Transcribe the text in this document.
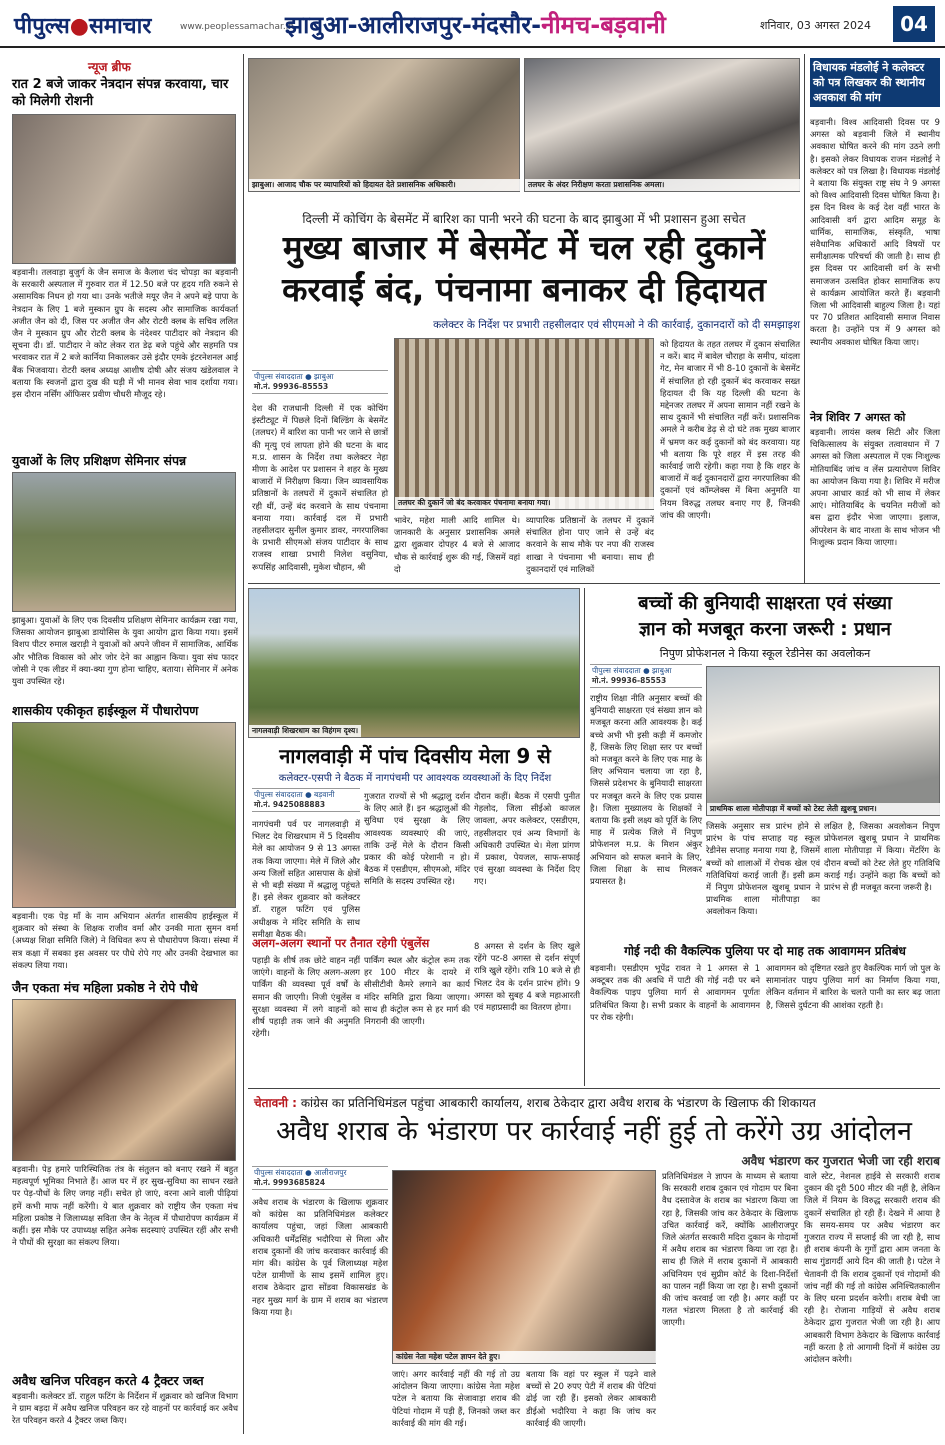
पीपुल्स●समाचार	www.peoplessamachar.in
झाबुआ-आलीराजपुर-मंदसौर-नीमच-बड़वानी	शनिवार, 03 अगस्त 2024	04
न्यूज ब्रीफ
रात 2 बजे जाकर नेत्रदान संपन्न करवाया, चार को मिलेगी रोशनी
बड़वानी। तलवाड़ा बुजुर्ग के जैन समाज के कैलाश चंद चोपड़ा का बड़वानी के सरकारी अस्पताल में गुरुवार रात में 12.50 बजे पर हृदय गति रुकने से असामयिक निधन हो गया था। उनके भतीजे मयूर जैन ने अपने बड़े पापा के नेत्रदान के लिए 1 बजे मुस्कान ग्रुप के सदस्य और सामाजिक कार्यकर्ता अजीत जैन को दी, जिस पर अजीत जैन और रोटरी क्लब के सचिव ललित जैन ने मुस्कान ग्रुप और रोटरी क्लब के नंदेश्वर पाटीदार को नेत्रदान की सूचना दी। डॉ. पाटीदार ने कोट लेकर रात डेढ़ बजे पहुंचे और सहमति पत्र भरवाकर रात में 2 बजे कार्निया निकालकर उसे इंदौर एमके इंटरनेशनल आई बैंक भिजवाया। रोटरी क्लब अध्यक्ष आशीष दोषी और संजय खंडेलवाल ने बताया कि स्वजनों द्वारा दुख की घड़ी में भी मानव सेवा भाव दर्शाया गया। इस दौरान नर्सिंग ऑफिसर प्रवीण चौधरी मौजूद रहे।
युवाओं के लिए प्रशिक्षण सेमिनार संपन्न
झाबुआ। युवाओं के लिए एक दिवसीय प्रशिक्षण सेमिनार कार्यक्रम रखा गया, जिसका आयोजन झाबुआ डायोसिस के युवा आयोग द्वारा किया गया। इसमें विशप पीटर रुमाल खराड़ी ने युवाओं को अपने जीवन में सामाजिक, आर्थिक और भौतिक विकास को ओर जोर देने का आह्वान किया। युवा संघ फादर जोसी ने एक लीडर में क्या-क्या गुण होना चाहिए, बताया। सेमिनार में अनेक युवा उपस्थित रहे।
शासकीय एकीकृत हाईस्कूल में पौधारोपण
बड़वानी। एक पेड़ माँ के नाम अभियान अंतर्गत शासकीय हाईस्कूल में शुक्रवार को संस्था के शिक्षक राजीव वर्मा और उनकी माता सुमन वर्मा (अध्यक्ष शिक्षा समिति जिले) ने विधिवत रूप से पौधारोपण किया। संस्था में सत्र कक्षा में सबका इस अवसर पर पौधे रोपे गए और उनकी देखभाल का संकल्प लिया गया।
जैन एकता मंच महिला प्रकोष्ठ ने रोपे पौधे
बड़वानी। पेड़ हमारे पारिस्थितिक तंत्र के संतुलन को बनाए रखने में बहुत महत्वपूर्ण भूमिका निभाते हैं। आज घर में हर सुख-सुविधा का साधन रखते पर पेड़-पौधों के लिए जगह नहीं। सचेत हो जाएं, वरना आने वाली पीढ़ियां हमें कभी माफ नहीं करेंगी। ये बात शुक्रवार को राष्ट्रीय जैन एकता मंच महिला प्रकोष्ठ ने जिलाध्यक्ष सविता जैन के नेतृत्व में पौधारोपण कार्यक्रम में कहीं। इस मौके पर उपाध्यक्ष सहित अनेक सदस्याएं उपस्थित रहीं और सभी ने पौधों की सुरक्षा का संकल्प लिया।
अवैध खनिज परिवहन करते 4 ट्रैक्टर जब्त
बड़वानी। कलेक्टर डॉ. राहुल फटिंग के निर्देशन में शुक्रवार को खनिज विभाग ने ग्राम बड़दा में अवैध खनिज परिवहन कर रहे वाहनों पर कार्रवाई कर अवैध रेत परिवहन करते 4 ट्रैक्टर जब्त किए।
झाबुआ। आजाद चौक पर व्यापारियों को हिदायत देते प्रशासनिक अधिकारी।	तलघर के अंदर निरीक्षण करता प्रशासनिक अमला।
दिल्ली में कोचिंग के बेसमेंट में बारिश का पानी भरने की घटना के बाद झाबुआ में भी प्रशासन हुआ सचेत
मुख्य बाजार में बेसमेंट में चल रही दुकानें
करवाईं बंद, पंचनामा बनाकर दी हिदायत
कलेक्टर के निर्देश पर प्रभारी तहसीलदार एवं सीएमओ ने की कार्रवाई, दुकानदारों को दी समझाइश
पीपुल्स संवाददाता ● झाबुआ
मो.नं. 99936-85553
देश की राजधानी दिल्ली में एक कोचिंग इंस्टीट्यूट में पिछले दिनों बिल्डिंग के बेसमेंट (तलघर) में बारिश का पानी भर जाने से छात्रों की मृत्यु एवं लापता होने की घटना के बाद म.प्र. शासन के निर्देश तथा कलेक्टर नेहा मीणा के आदेश पर प्रशासन ने शहर के मुख्य बाजारों में निरीक्षण किया। जिन व्यावसायिक प्रतिष्ठानों के तलघरों में दुकानें संचालित हो रही थीं, उन्हें बंद करवाने के साथ पंचनामा बनाया गया। कार्रवाई दल में प्रभारी तहसीलदार सुनील कुमार डावर, नगरपालिका के प्रभारी सीएमओ संजय पाटीदार के साथ राजस्व शाखा प्रभारी निलेश वसुनिया, रूपसिंह आदिवासी, मुकेश चौहान, श्री
तलघर की दुकानें जो बंद करवाकर पंचनामा बनाया गया।
भावेर, महेश माली आदि शामिल थे। जानकारी के अनुसार प्रशासनिक अमले द्वारा शुक्रवार दोपहर 4 बजे से आजाद चौक से कार्रवाई शुरू की गई, जिसमें वहां दो
व्यापारिक प्रतिष्ठानों के तलघर में दुकानें संचालित होना पाए जाने से उन्हें बंद करवाने के साथ मौके पर नपा की राजस्व शाखा ने पंचनामा भी बनाया। साथ ही दुकानदारों एवं मालिकों
को हिदायत के तहत तलघर में दुकान संचालित न करें। बाद में बावेल चौराहा के समीप, थांदला गेट, मेन बाजार में भी 8-10 दुकानों के बेसमेंट में संचालित हो रही दुकानें बंद करवाकर सख्त हिदायत दी कि यह दिल्ली की घटना के मद्देनजर तलघर में अपना सामान नहीं रखने के साथ दुकानें भी संचालित नहीं करें। प्रशासनिक अमले ने करीब डेढ़ से दो घंटे तक मुख्य बाजार में भ्रमण कर कई दुकानों को बंद करवाया। यह भी बताया कि पूरे शहर में इस तरह की कार्रवाई जारी रहेगी। कहा गया है कि शहर के बाजारों में कई दुकानदारों द्वारा नगरपालिका की दुकानों एवं कॉम्प्लेक्स में बिना अनुमति या नियम विरुद्ध तलघर बनाए गए हैं, जिनकी जांच की जाएगी।
विधायक मंडलोई ने कलेक्टर को पत्र लिखकर की स्थानीय अवकाश की मांग
बड़वानी। विश्व आदिवासी दिवस पर 9 अगस्त को बड़वानी जिले में स्थानीय अवकाश घोषित करने की मांग उठने लगी है। इसको लेकर विधायक राजन मंडलोई ने कलेक्टर को पत्र लिखा है। विधायक मंडलोई ने बताया कि संयुक्त राष्ट्र संघ ने 9 अगस्त को विश्व आदिवासी दिवस घोषित किया है। इस दिन विश्व के कई देश वहीं भारत के आदिवासी वर्ग द्वारा आदिम समूह के धार्मिक, सामाजिक, संस्कृति, भाषा संवैधानिक अधिकारों आदि विषयों पर समीक्षात्मक परिचर्चा की जाती है। साथ ही इस दिवस पर आदिवासी वर्ग के सभी समाजजन उत्सवित होकर सामाजिक रूप से कार्यक्रम आयोजित करते हैं। बड़वानी जिला भी आदिवासी बाहुल्य जिला है। यहां पर 70 प्रतिशत आदिवासी समाज निवास करता है। उन्होंने पत्र में 9 अगस्त को स्थानीय अवकाश घोषित किया जाए।
नेत्र शिविर 7 अगस्त को
बड़वानी। लायंस क्लब सिटी और जिला चिकित्सालय के संयुक्त तत्वावधान में 7 अगस्त को जिला अस्पताल में एक निःशुल्क मोतियाबिंद जांच व लेंस प्रत्यारोपण शिविर का आयोजन किया गया है। शिविर में मरीज अपना आधार कार्ड को भी साथ में लेकर आएं। मोतियाबिंद के चयनित मरीजों को बस द्वारा इंदौर भेजा जाएगा। इलाज, ऑपरेशन के बाद नाश्ता के साथ भोजन भी निःशुल्क प्रदान किया जाएगा।
नागलवाड़ी शिखरधाम का विहंगम दृश्य।
नागलवाड़ी में पांच दिवसीय मेला 9 से
कलेक्टर-एसपी ने बैठक में नागपंचमी पर आवश्यक व्यवस्थाओं के दिए निर्देश
पीपुल्स संवाददाता ● बड़वानी
मो.नं. 9425088883
नागपंचमी पर्व पर नागलवाड़ी में भिलट देव शिखरधाम में 5 दिवसीय मेले का आयोजन 9 से 13 अगस्त तक किया जाएगा। मेले में जिले और अन्य जिलों सहित आसपास के क्षेत्रों से भी बड़ी संख्या में श्रद्धालु पहुंचते हैं। इसे लेकर शुक्रवार को कलेक्टर डॉ. राहुल फटिंग एवं पुलिस अधीक्षक ने मंदिर समिति के साथ समीक्षा बैठक की।
गुजरात राज्यों से भी श्रद्धालु दर्शन के लिए आते हैं। इन श्रद्धालुओं की सुविधा एवं सुरक्षा के लिए आवश्यक व्यवस्थाएं की जाएं, ताकि उन्हें मेले के दौरान किसी प्रकार की कोई परेशानी न हो। बैठक में एसडीएम, सीएमओ, मंदिर समिति के सदस्य उपस्थित रहे।
दौरान कहीं। बैठक में एसपी पुनीत गेहलोद, जिला सीईओ काजल जावला, अपर कलेक्टर, एसडीएम, तहसीलदार एवं अन्य विभागों के अधिकारी उपस्थित थे। मेला प्रांगण में प्रकाश, पेयजल, साफ-सफाई एवं सुरक्षा व्यवस्था के निर्देश दिए गए।
अलग-अलग स्थानों पर तैनात रहेगी एंबुलेंस
पहाड़ी के शीर्ष तक छोटे वाहन नहीं जाएंगे। वाहनों के लिए अलग-अलग पार्किंग की व्यवस्था पूर्व वर्षों के समान की जाएगी। निजी एंबुलेंस व सुरक्षा व्यवस्था में लगे वाहनों को शीर्ष पहाड़ी तक जाने की अनुमति रहेगी।
पार्किंग स्थल और कंट्रोल रूम तक हर 100 मीटर के दायरे में सीसीटीवी कैमरे लगाने का कार्य मंदिर समिति द्वारा किया जाएगा। साथ ही कंट्रोल रूम से हर मार्ग की निगरानी की जाएगी।
8 अगस्त से दर्शन के लिए खुले रहेंगे पट-8 अगस्त से दर्शन संपूर्ण रात्रि खुले रहेंगे। रात्रि 10 बजे से ही भिलट देव के दर्शन प्रारंभ होंगे। 9 अगस्त को सुबह 4 बजे महाआरती एवं महाप्रसादी का वितरण होगा।
बच्चों की बुनियादी साक्षरता एवं संख्या
ज्ञान को मजबूत करना जरूरी : प्रधान
निपुण प्रोफेशनल ने किया स्कूल रेडीनेस का अवलोकन
पीपुल्स संवाददाता ● झाबुआ
मो.नं. 99936-85553
राष्ट्रीय शिक्षा नीति अनुसार बच्चों की बुनियादी साक्षरता एवं संख्या ज्ञान को मजबूत करना अति आवश्यक है। कई बच्चे अभी भी इसी कड़ी में कमजोर हैं, जिसके लिए शिक्षा स्तर पर बच्चों को मजबूत करने के लिए एक माह के लिए अभियान चलाया जा रहा है, जिससे प्रदेशभर के बुनियादी साक्षरता पर मजबूत करने के लिए एक प्रयास है। जिला मुख्यालय के शिक्षकों ने बताया कि इसी लक्ष्य को पूर्ति के लिए माह में प्रत्येक जिले में निपुण प्रोफेशनल म.प्र. के मिशन अंकुर अभियान को सफल बनाने के लिए, जिला शिक्षा के साथ मिलकर प्रयासरत है।
प्राथमिक शाला मोतीपाड़ा में बच्चों को टेस्ट लेती ख़ुशबू प्रधान।
जिसके अनुसार सत्र प्रारंभ होने से प्रारंभ के पांच सप्ताह यह स्कूल रेडीनेस सप्ताह मनाया गया है, जिसमें बच्चों को शालाओं में रोचक खेल एवं गतिविधियां कराई जाती हैं। इसी क्रम में निपुण प्रोफेशनल खुशबू प्रधान ने प्राथमिक शाला मोतीपाड़ा का अवलोकन किया।
लक्षित है, जिसका अवलोकन निपुण प्रोफेशनल खुशबू प्रधान ने प्राथमिक शाला मोतीपाड़ा में किया। मेंटरिंग के दौरान बच्चों को टेस्ट लेते हुए गतिविधि कराई गई। उन्होंने कहा कि बच्चों को प्रारंभ से ही मजबूत करना जरूरी है।
गोई नदी की वैकल्पिक पुलिया पर दो माह तक आवागमन प्रतिबंध
बड़वानी। एसडीएम भूपेंद्र रावत ने 1 अगस्त से 1 अक्टूबर तक की अवधि में पाटी की गोई नदी पर बने वैकल्पिक पाइप पुलिया मार्ग से आवागमन पूर्णतः प्रतिबंधित किया है। सभी प्रकार के वाहनों के आवागमन पर रोक रहेगी।
आवागमन को दृष्टिगत रखते हुए वैकल्पिक मार्ग जो पुल के सामानांतर पाइप पुलिया मार्ग का निर्माण किया गया, लेकिन वर्तमान में बारिश के चलते पानी का स्तर बढ़ जाता है, जिससे दुर्घटना की आशंका रहती है।
चेतावनी : कांग्रेस का प्रतिनिधिमंडल पहुंचा आबकारी कार्यालय, शराब ठेकेदार द्वारा अवैध शराब के भंडारण के खिलाफ की शिकायत
अवैध शराब के भंडारण पर कार्रवाई नहीं हुई तो करेंगे उग्र आंदोलन
अवैध भंडारण कर गुजरात भेजी जा रही शराब
पीपुल्स संवाददाता ● आलीराजपुर
मो.नं. 9993685824
अवैध शराब के भंडारण के खिलाफ शुक्रवार को कांग्रेस का प्रतिनिधिमंडल कलेक्टर कार्यालय पहुंचा, जहां जिला आबकारी अधिकारी धर्मेंद्रसिंह भदौरिया से मिला और शराब दुकानों की जांच करवाकर कार्रवाई की मांग की। कांग्रेस के पूर्व जिलाध्यक्ष महेश पटेल ग्रामीणों के साथ इसमें शामिल हुए। शराब ठेकेदार द्वारा सोंडवा विकासखंड के नहर मुख्य मार्ग के ग्राम में शराब का भंडारण किया गया है।
कांग्रेस नेता महेश पटेल ज्ञापन देते हुए।
जाएं। अगर कार्रवाई नहीं की गई तो उग्र आंदोलन किया जाएगा। कांग्रेस नेता महेश पटेल ने बताया कि सेजावाड़ा शराब की पेटियां गोदाम में पड़ी हैं, जिनको जब्त कर कार्रवाई की मांग की गई।
बताया कि वहां पर स्कूल में पढ़ने वाले बच्चों से 20 रुपए पेटी में शराब की पेटियां ढोई जा रही हैं। इसको लेकर आबकारी डीईओ भदौरिया ने कहा कि जांच कर कार्रवाई की जाएगी।
प्रतिनिधिमंडल ने ज्ञापन के माध्यम से बताया कि सरकारी शराब दुकान एवं गोदाम पर बिना वैध दस्तावेज के शराब का भंडारण किया जा रहा है, जिसकी जांच कर ठेकेदार के खिलाफ उचित कार्रवाई करें, क्योंकि आलीराजपुर जिले अंतर्गत सरकारी मदिरा दुकान के गोदामों में अवैध शराब का भंडारण किया जा रहा है। साथ ही जिले में शराब दुकानों में आबकारी अधिनियम एवं सुप्रीम कोर्ट के दिशा-निर्देशों का पालन नहीं किया जा रहा है। सभी दुकानों की जांच करवाई जा रही है। अगर कहीं पर गलत भंडारण मिलता है तो कार्रवाई की जाएगी।
वाले स्टेट, नेशनल हाईवे से सरकारी शराब दुकान की दूरी 500 मीटर की नहीं है, लेकिन जिले में नियम के विरुद्ध सरकारी शराब की दुकानें संचालित हो रही हैं। देखने में आया है कि समय-समय पर अवैध भंडारण कर गुजरात राज्य में सप्लाई की जा रही है, साथ ही शराब कंपनी के गुर्गों द्वारा आम जनता के साथ गुंडागर्दी आये दिन की जाती है। पटेल ने चेतावनी दी कि शराब दुकानों एवं गोदामों की जांच नहीं की गई तो कांग्रेस अनिश्चितकालीन के लिए धरना प्रदर्शन करेगी। शराब बेची जा रही है। रोजाना गाड़ियों से अवैध शराब ठेकेदार द्वारा गुजरात भेजी जा रही है। आप आबकारी विभाग ठेकेदार के खिलाफ कार्रवाई नहीं करता है तो आगामी दिनों में कांग्रेस उग्र आंदोलन करेगी।
